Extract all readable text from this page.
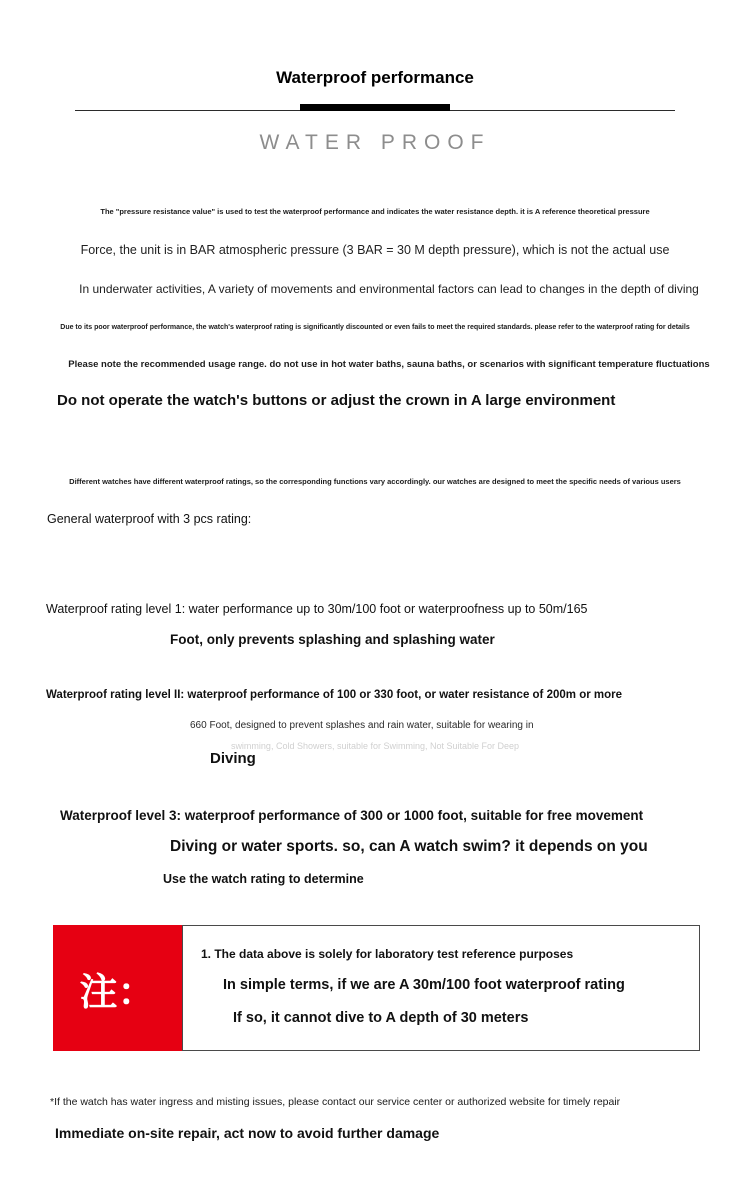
Waterproof performance
WATER PROOF
The "pressure resistance value" is used to test the waterproof performance and indicates the water resistance depth. it is A reference theoretical pressure
Force, the unit is in BAR atmospheric pressure (3 BAR = 30 M depth pressure), which is not the actual use
In underwater activities, A variety of movements and environmental factors can lead to changes in the depth of diving
Due to its poor waterproof performance, the watch's waterproof rating is significantly discounted or even fails to meet the required standards. please refer to the waterproof rating for details
Please note the recommended usage range. do not use in hot water baths, sauna baths, or scenarios with significant temperature fluctuations
Do not operate the watch's buttons or adjust the crown in A large environment
Different watches have different waterproof ratings, so the corresponding functions vary accordingly. our watches are designed to meet the specific needs of various users
General waterproof with 3 pcs rating:
Waterproof rating level 1: water performance up to 30m/100 foot or waterproofness up to 50m/165
Foot, only prevents splashing and splashing water
Waterproof rating level II: waterproof performance of 100 or 330 foot, or water resistance of 200m or more
660 Foot, designed to prevent splashes and rain water, suitable for wearing in
swimming, Cold Showers, suitable for Swimming, Not Suitable For Deep
Diving
Waterproof level 3: waterproof performance of 300 or 1000 foot, suitable for free movement
Diving or water sports. so, can A watch swim? it depends on you
Use the watch rating to determine
注：
1. The data above is solely for laboratory test reference purposes
In simple terms, if we are A 30m/100 foot waterproof rating
If so, it cannot dive to A depth of 30 meters
*If the watch has water ingress and misting issues, please contact our service center or authorized website for timely repair
Immediate on-site repair, act now to avoid further damage
